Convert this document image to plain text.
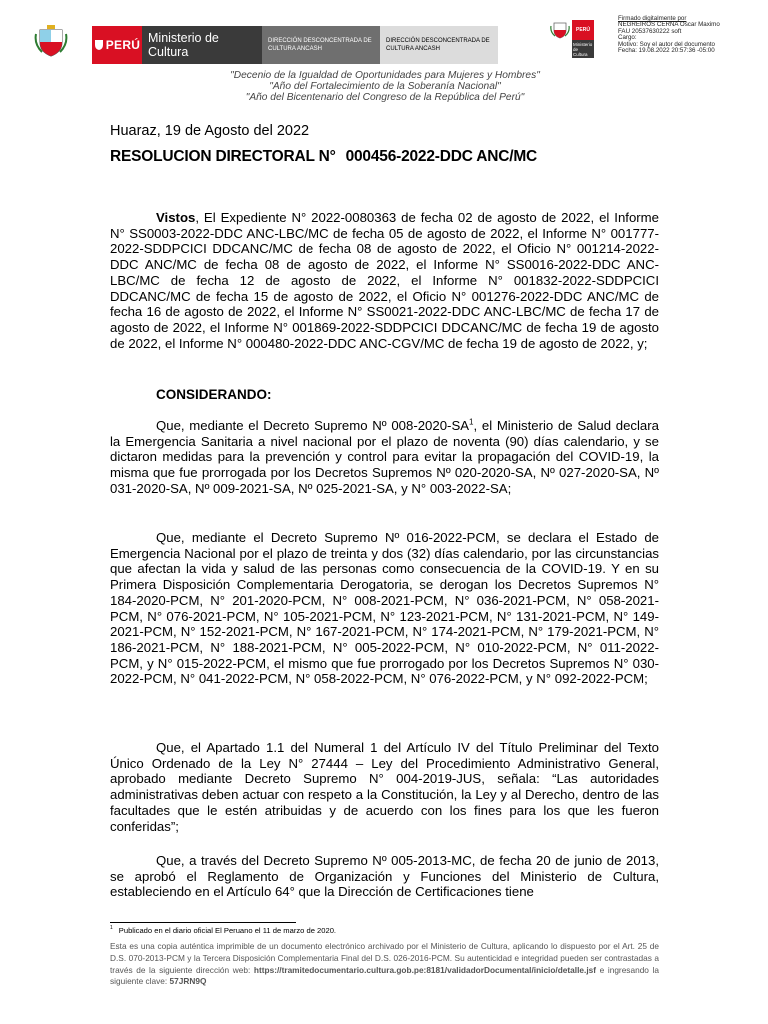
PERÚ Ministerio de Cultura
DIRECCIÓN DESCONCENTRADA DE CULTURA ANCASH
DIRECCIÓN DESCONCENTRADA DE CULTURA ANCASH
PERÚ
Ministerio de Cultura
Firmado digitalmente por
NEGREIROS CERNA Oscar Maximo
FAU 20537630222 soft
Cargo:
Motivo: Soy el autor del documento
Fecha: 19.08.2022 20:57:36 -05:00
"Decenio de la Igualdad de Oportunidades para Mujeres y Hombres"
"Año del Fortalecimiento de la Soberanía Nacional"
"Año del Bicentenario del Congreso de la República del Perú"
Huaraz, 19 de Agosto del 2022
RESOLUCION DIRECTORAL N° 000456-2022-DDC ANC/MC
Vistos, El Expediente N° 2022-0080363 de fecha 02 de agosto de 2022, el Informe N° SS0003-2022-DDC ANC-LBC/MC de fecha 05 de agosto de 2022, el Informe N° 001777-2022-SDDPCICI DDCANC/MC de fecha 08 de agosto de 2022, el Oficio N° 001214-2022-DDC ANC/MC de fecha 08 de agosto de 2022, el Informe N° SS0016-2022-DDC ANC-LBC/MC de fecha 12 de agosto de 2022, el Informe N° 001832-2022-SDDPCICI DDCANC/MC de fecha 15 de agosto de 2022, el Oficio N° 001276-2022-DDC ANC/MC de fecha 16 de agosto de 2022, el Informe N° SS0021-2022-DDC ANC-LBC/MC de fecha 17 de agosto de 2022, el Informe N° 001869-2022-SDDPCICI DDCANC/MC de fecha 19 de agosto de 2022, el Informe N° 000480-2022-DDC ANC-CGV/MC de fecha 19 de agosto de 2022, y;
CONSIDERANDO:
Que, mediante el Decreto Supremo Nº $008-2020-SA^1$, el Ministerio de Salud declara la Emergencia Sanitaria a nivel nacional por el plazo de noventa (90) días calendario, y se dictaron medidas para la prevención y control para evitar la propagación del COVID-19, la misma que fue prorrogada por los Decretos Supremos Nº 020-2020-SA, Nº 027-2020-SA, Nº 031-2020-SA, Nº 009-2021-SA, Nº 025-2021-SA, y N° 003-2022-SA;
Que, mediante el Decreto Supremo Nº 016-2022-PCM, se declara el Estado de Emergencia Nacional por el plazo de treinta y dos (32) días calendario, por las circunstancias que afectan la vida y salud de las personas como consecuencia de la COVID-19. Y en su Primera Disposición Complementaria Derogatoria, se derogan los Decretos Supremos N° 184-2020-PCM, N° 201-2020-PCM, N° 008-2021-PCM, N° 036-2021-PCM, N° 058-2021-PCM, N° 076-2021-PCM, N° 105-2021-PCM, N° 123-2021-PCM, N° 131-2021-PCM, N° 149-2021-PCM, N° 152-2021-PCM, N° 167-2021-PCM, N° 174-2021-PCM, N° 179-2021-PCM, N° 186-2021-PCM, N° 188-2021-PCM, N° 005-2022-PCM, N° 010-2022-PCM, N° 011-2022-PCM, y N° 015-2022-PCM, el mismo que fue prorrogado por los Decretos Supremos N° 030-2022-PCM, N° 041-2022-PCM, N° 058-2022-PCM, N° 076-2022-PCM, y N° 092-2022-PCM;
Que, el Apartado 1.1 del Numeral 1 del Artículo IV del Título Preliminar del Texto Único Ordenado de la Ley N° 27444 – Ley del Procedimiento Administrativo General, aprobado mediante Decreto Supremo N° 004-2019-JUS, señala: “Las autoridades administrativas deben actuar con respeto a la Constitución, la Ley y al Derecho, dentro de las facultades que le estén atribuidas y de acuerdo con los fines para los que les fueron conferidas”;
Que, a través del Decreto Supremo Nº 005-2013-MC, de fecha 20 de junio de 2013, se aprobó el Reglamento de Organización y Funciones del Ministerio de Cultura, estableciendo en el Artículo 64° que la Dirección de Certificaciones tiene
$^1$ Publicado en el diario oficial El Peruano el 11 de marzo de 2020.
Esta es una copia auténtica imprimible de un documento electrónico archivado por el Ministerio de Cultura, aplicando lo dispuesto por el Art. 25 de D.S. 070-2013-PCM y la Tercera Disposición Complementaria Final del D.S. 026-2016-PCM. Su autenticidad e integridad pueden ser contrastadas a través de la siguiente dirección web: https://tramitedocumentario.cultura.gob.pe:8181/validadorDocumental/inicio/detalle.jsf e ingresando la siguiente clave: 57JRN9Q
